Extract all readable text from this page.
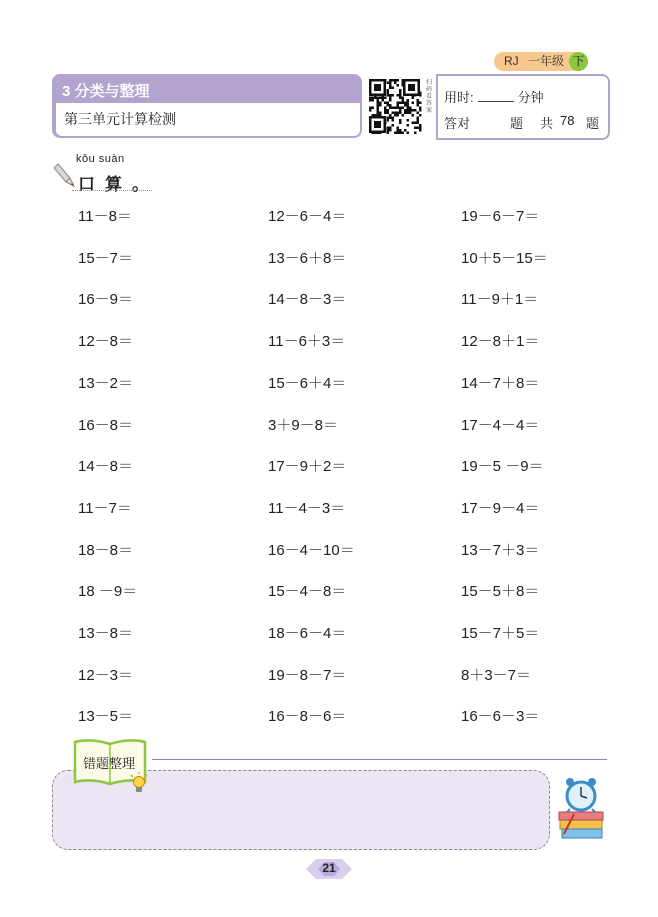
RJ 一年级 下
3 分类与整理
第三单元计算检测
扫码看答案
用时:	分钟
答对	题 共 78 题
kǒu suàn
口算。
11－8＝
15－7＝
16－9＝
12－8＝
13－2＝
16－8＝
14－8＝
11－7＝
18－8＝
18 －9＝
13－8＝
12－3＝
13－5＝
12－6－4＝
13－6＋8＝
14－8－3＝
11－6＋3＝
15－6＋4＝
3＋9－8＝
17－9＋2＝
11－4－3＝
16－4－10＝
15－4－8＝
18－6－4＝
19－8－7＝
16－8－6＝
19－6－7＝
10＋5－15＝
11－9＋1＝
12－8＋1＝
14－7＋8＝
17－4－4＝
19－5 －9＝
17－9－4＝
13－7＋3＝
15－5＋8＝
15－7＋5＝
8＋3－7＝
16－6－3＝
错题整理
21
